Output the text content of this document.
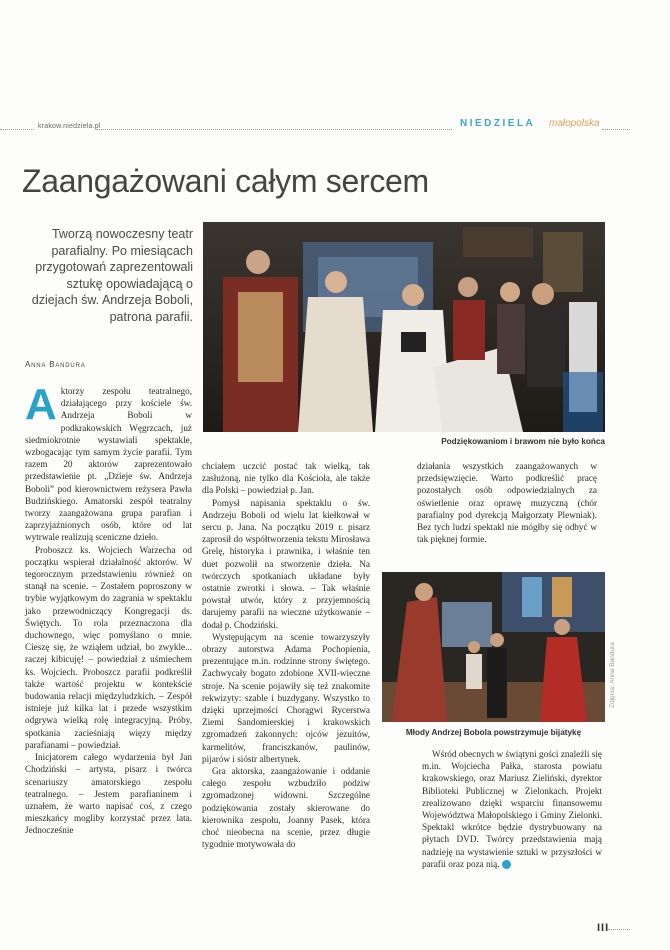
krakow.niedziela.pl	NIEDZIELA małopolska
Zaangażowani całym sercem
Tworzą nowoczesny teatr parafialny. Po miesiącach przygotowań zaprezentowali sztukę opowiadającą o dziejach św. Andrzeja Boboli, patrona parafii.
Anna Bandura
Podziękowaniom i brawom nie było końca

Aktorzy zespołu teatralnego, działającego przy kościele św. Andrzeja Boboli w podkrakowskich Węgrzcach, już siedmiokrotnie wystawiali spektakle, wzbogacając tym samym życie parafii. Tym razem 20 aktorów zaprezentowało przedstawienie pt. „Dzieje św. Andrzeja Boboli” pod kierownictwem reżysera Pawła Budzińskiego. Amatorski zespół teatralny tworzy zaangażowana grupa parafian i zaprzyjaźnionych osób, które od lat wytrwale realizują sceniczne dzieło.

Proboszcz ks. Wojciech Warzecha od początku wspierał działalność aktorów. W tegorocznym przedstawieniu również on stanął na scenie. – Zostałem poproszony w trybie wyjątkowym do zagrania w spektaklu jako przewodniczący Kongregacji ds. Świętych. To rola przeznaczona dla duchownego, więc pomyślano o mnie. Cieszę się, że wziąłem udział, bo zwykle... raczej kibicuję! – powiedział z uśmiechem ks. Wojciech. Proboszcz parafii podkreślił także wartość projektu w kontekście budowania relacji międzyludzkich. – Zespół istnieje już kilka lat i przede wszystkim odgrywa wielką rolę integracyjną. Próby, spotkania zacieśniają więzy między parafianami – powiedział.

Inicjatorem całego wydarzenia był Jan Chodziński – artysta, pisarz i twórca scenariuszy amatorskiego zespołu teatralnego. – Jestem parafianinem i uznałem, że warto napisać coś, z czego mieszkańcy mogliby korzystać przez lata. Jednocześnie

chciałem uczcić postać tak wielką, tak zasłużoną, nie tylko dla Kościoła, ale także dla Polski – powiedział p. Jan.

Pomysł napisania spektaklu o św. Andrzeju Boboli od wielu lat kiełkował w sercu p. Jana. Na początku 2019 r. pisarz zaprosił do współtworzenia tekstu Mirosława Grelę, historyka i prawnika, i właśnie ten duet pozwolił na stworzenie dzieła. Na twórczych spotkaniach układane były ostatnie zwrotki i słowa. – Tak właśnie powstał utwór, który z przyjemnością darujemy parafii na wieczne użytkowanie – dodał p. Chodziński.

Występującym na scenie towarzyszyły obrazy autorstwa Adama Pochopienia, prezentujące m.in. rodzinne strony świętego. Zachwycały bogato zdobione XVII-wieczne stroje. Na scenie pojawiły się też znakomite rekwizyty: szable i buzdygany. Wszystko to dzięki uprzejmości Chorągwi Rycerstwa Ziemi Sandomierskiej i krakowskich zgromadzeń zakonnych: ojców jezuitów, karmelitów, franciszkanów, paulinów, pijarów i sióstr albertynek.

Gra aktorska, zaangażowanie i oddanie całego zespołu wzbudziło podziw zgromadzonej widowni. Szczególne podziękowania zostały skierowane do kierownika zespołu, Joanny Pasek, która choć nieobecna na scenie, przez długie tygodnie motywowała do

działania wszystkich zaangażowanych w przedsięwzięcie. Warto podkreślić pracę pozostałych osób odpowiedzialnych za oświetlenie oraz oprawę muzyczną (chór parafialny pod dyrekcją Małgorzaty Plewniak). Bez tych ludzi spektakl nie mógłby się odbyć w tak pięknej formie.

Zdjęcia: Anna Bandura
Młody Andrzej Bobola powstrzymuje bijatykę

Wśród obecnych w świątyni gości znaleźli się m.in. Wojciecha Pałka, starosta powiatu krakowskiego, oraz Mariusz Zieliński, dyrektor Biblioteki Publicznej w Zielonkach. Projekt zrealizowano dzięki wsparciu finansowemu Województwa Małopolskiego i Gminy Zielonki. Spektakl wkrótce będzie dystrybuowany na płytach DVD. Twórcy przedstawienia mają nadzieję na wystawienie sztuki w przyszłości w parafii oraz poza nią. N

III
